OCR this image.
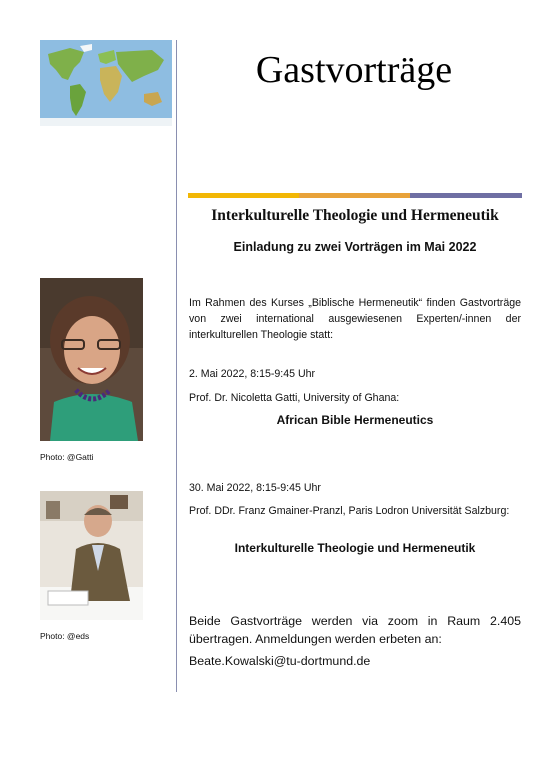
Gastvorträge
Interkulturelle Theologie und Hermeneutik
Einladung zu zwei Vorträgen im Mai 2022
Im Rahmen des Kurses „Biblische Hermeneutik“ finden Gastvorträge von zwei international ausgewiesenen Experten/-innen der interkulturellen Theologie statt:
Photo: @Gatti
2. Mai 2022, 8:15-9:45 Uhr
Prof. Dr. Nicoletta Gatti, University of Ghana:
African Bible Hermeneutics
Photo: @eds
30. Mai 2022, 8:15-9:45 Uhr
Prof. DDr. Franz Gmainer-Pranzl, Paris Lodron Universität Salzburg:
Interkulturelle Theologie und Hermeneutik
Beide Gastvorträge werden via zoom in Raum 2.405 übertragen. Anmeldungen werden erbeten an:
Beate.Kowalski@tu-dortmund.de
